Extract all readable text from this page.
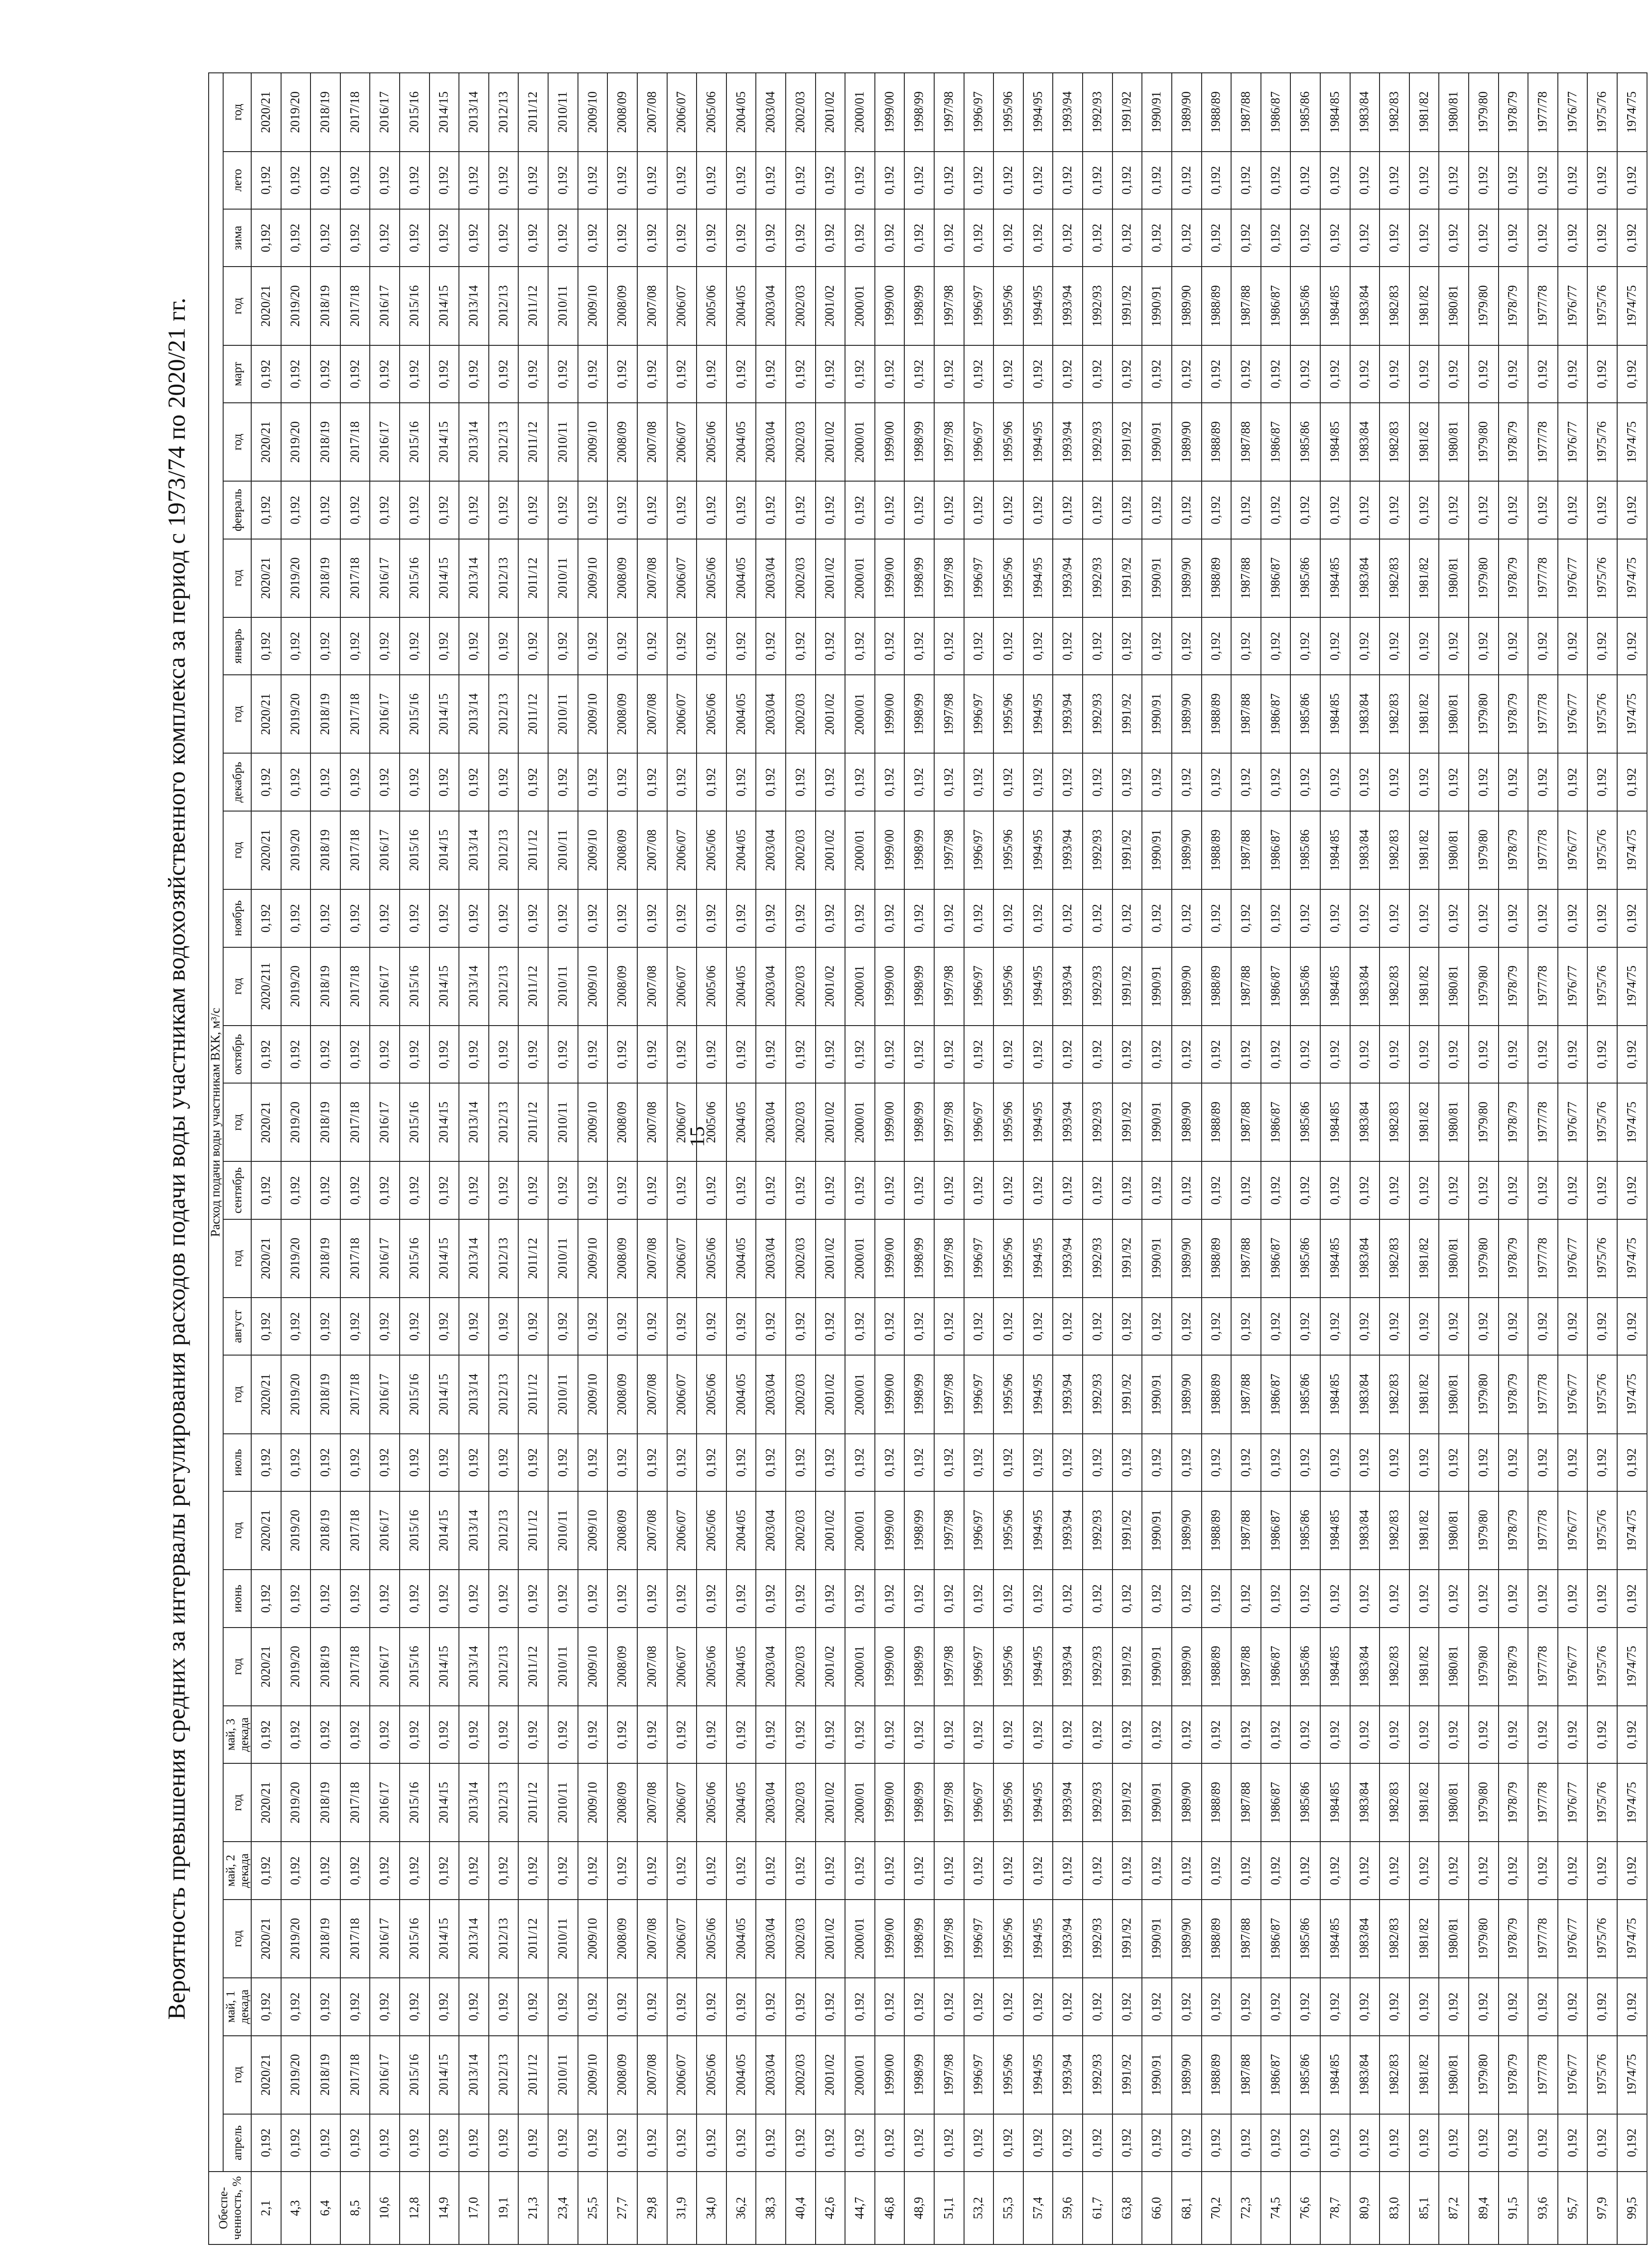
15
Вероятность превышения средних за интервалы регулирования расходов подачи воды участникам водохозяйственного комплекса за период с 1973/74 по 2020/21 гг.
Обеспе-ченность, %	Расход подачи воды участникам ВХК, м³/с																														
	апрель	год	май, 1 декада	год	май, 2 декада	год	май, 3 декада	год	июнь	год	июль	год	август	год	сентябрь	год	октябрь	год	ноябрь	год	декабрь	год	январь	год	февраль	год	март	год	зима	лето	год
2,1	0,192	2020/21	0,192	2020/21	0,192	2020/21	0,192	2020/21	0,192	2020/21	0,192	2020/21	0,192	2020/21	0,192	2020/21	0,192	2020/211	0,192	2020/21	0,192	2020/21	0,192	2020/21	0,192	2020/21	0,192	2020/21	0,192	0,192	2020/21
4,3	0,192	2019/20	0,192	2019/20	0,192	2019/20	0,192	2019/20	0,192	2019/20	0,192	2019/20	0,192	2019/20	0,192	2019/20	0,192	2019/20	0,192	2019/20	0,192	2019/20	0,192	2019/20	0,192	2019/20	0,192	2019/20	0,192	0,192	2019/20
6,4	0,192	2018/19	0,192	2018/19	0,192	2018/19	0,192	2018/19	0,192	2018/19	0,192	2018/19	0,192	2018/19	0,192	2018/19	0,192	2018/19	0,192	2018/19	0,192	2018/19	0,192	2018/19	0,192	2018/19	0,192	2018/19	0,192	0,192	2018/19
8,5	0,192	2017/18	0,192	2017/18	0,192	2017/18	0,192	2017/18	0,192	2017/18	0,192	2017/18	0,192	2017/18	0,192	2017/18	0,192	2017/18	0,192	2017/18	0,192	2017/18	0,192	2017/18	0,192	2017/18	0,192	2017/18	0,192	0,192	2017/18
10,6	0,192	2016/17	0,192	2016/17	0,192	2016/17	0,192	2016/17	0,192	2016/17	0,192	2016/17	0,192	2016/17	0,192	2016/17	0,192	2016/17	0,192	2016/17	0,192	2016/17	0,192	2016/17	0,192	2016/17	0,192	2016/17	0,192	0,192	2016/17
12,8	0,192	2015/16	0,192	2015/16	0,192	2015/16	0,192	2015/16	0,192	2015/16	0,192	2015/16	0,192	2015/16	0,192	2015/16	0,192	2015/16	0,192	2015/16	0,192	2015/16	0,192	2015/16	0,192	2015/16	0,192	2015/16	0,192	0,192	2015/16
14,9	0,192	2014/15	0,192	2014/15	0,192	2014/15	0,192	2014/15	0,192	2014/15	0,192	2014/15	0,192	2014/15	0,192	2014/15	0,192	2014/15	0,192	2014/15	0,192	2014/15	0,192	2014/15	0,192	2014/15	0,192	2014/15	0,192	0,192	2014/15
17,0	0,192	2013/14	0,192	2013/14	0,192	2013/14	0,192	2013/14	0,192	2013/14	0,192	2013/14	0,192	2013/14	0,192	2013/14	0,192	2013/14	0,192	2013/14	0,192	2013/14	0,192	2013/14	0,192	2013/14	0,192	2013/14	0,192	0,192	2013/14
19,1	0,192	2012/13	0,192	2012/13	0,192	2012/13	0,192	2012/13	0,192	2012/13	0,192	2012/13	0,192	2012/13	0,192	2012/13	0,192	2012/13	0,192	2012/13	0,192	2012/13	0,192	2012/13	0,192	2012/13	0,192	2012/13	0,192	0,192	2012/13
21,3	0,192	2011/12	0,192	2011/12	0,192	2011/12	0,192	2011/12	0,192	2011/12	0,192	2011/12	0,192	2011/12	0,192	2011/12	0,192	2011/12	0,192	2011/12	0,192	2011/12	0,192	2011/12	0,192	2011/12	0,192	2011/12	0,192	0,192	2011/12
23,4	0,192	2010/11	0,192	2010/11	0,192	2010/11	0,192	2010/11	0,192	2010/11	0,192	2010/11	0,192	2010/11	0,192	2010/11	0,192	2010/11	0,192	2010/11	0,192	2010/11	0,192	2010/11	0,192	2010/11	0,192	2010/11	0,192	0,192	2010/11
25,5	0,192	2009/10	0,192	2009/10	0,192	2009/10	0,192	2009/10	0,192	2009/10	0,192	2009/10	0,192	2009/10	0,192	2009/10	0,192	2009/10	0,192	2009/10	0,192	2009/10	0,192	2009/10	0,192	2009/10	0,192	2009/10	0,192	0,192	2009/10
27,7	0,192	2008/09	0,192	2008/09	0,192	2008/09	0,192	2008/09	0,192	2008/09	0,192	2008/09	0,192	2008/09	0,192	2008/09	0,192	2008/09	0,192	2008/09	0,192	2008/09	0,192	2008/09	0,192	2008/09	0,192	2008/09	0,192	0,192	2008/09
29,8	0,192	2007/08	0,192	2007/08	0,192	2007/08	0,192	2007/08	0,192	2007/08	0,192	2007/08	0,192	2007/08	0,192	2007/08	0,192	2007/08	0,192	2007/08	0,192	2007/08	0,192	2007/08	0,192	2007/08	0,192	2007/08	0,192	0,192	2007/08
31,9	0,192	2006/07	0,192	2006/07	0,192	2006/07	0,192	2006/07	0,192	2006/07	0,192	2006/07	0,192	2006/07	0,192	2006/07	0,192	2006/07	0,192	2006/07	0,192	2006/07	0,192	2006/07	0,192	2006/07	0,192	2006/07	0,192	0,192	2006/07
34,0	0,192	2005/06	0,192	2005/06	0,192	2005/06	0,192	2005/06	0,192	2005/06	0,192	2005/06	0,192	2005/06	0,192	2005/06	0,192	2005/06	0,192	2005/06	0,192	2005/06	0,192	2005/06	0,192	2005/06	0,192	2005/06	0,192	0,192	2005/06
36,2	0,192	2004/05	0,192	2004/05	0,192	2004/05	0,192	2004/05	0,192	2004/05	0,192	2004/05	0,192	2004/05	0,192	2004/05	0,192	2004/05	0,192	2004/05	0,192	2004/05	0,192	2004/05	0,192	2004/05	0,192	2004/05	0,192	0,192	2004/05
38,3	0,192	2003/04	0,192	2003/04	0,192	2003/04	0,192	2003/04	0,192	2003/04	0,192	2003/04	0,192	2003/04	0,192	2003/04	0,192	2003/04	0,192	2003/04	0,192	2003/04	0,192	2003/04	0,192	2003/04	0,192	2003/04	0,192	0,192	2003/04
40,4	0,192	2002/03	0,192	2002/03	0,192	2002/03	0,192	2002/03	0,192	2002/03	0,192	2002/03	0,192	2002/03	0,192	2002/03	0,192	2002/03	0,192	2002/03	0,192	2002/03	0,192	2002/03	0,192	2002/03	0,192	2002/03	0,192	0,192	2002/03
42,6	0,192	2001/02	0,192	2001/02	0,192	2001/02	0,192	2001/02	0,192	2001/02	0,192	2001/02	0,192	2001/02	0,192	2001/02	0,192	2001/02	0,192	2001/02	0,192	2001/02	0,192	2001/02	0,192	2001/02	0,192	2001/02	0,192	0,192	2001/02
44,7	0,192	2000/01	0,192	2000/01	0,192	2000/01	0,192	2000/01	0,192	2000/01	0,192	2000/01	0,192	2000/01	0,192	2000/01	0,192	2000/01	0,192	2000/01	0,192	2000/01	0,192	2000/01	0,192	2000/01	0,192	2000/01	0,192	0,192	2000/01
46,8	0,192	1999/00	0,192	1999/00	0,192	1999/00	0,192	1999/00	0,192	1999/00	0,192	1999/00	0,192	1999/00	0,192	1999/00	0,192	1999/00	0,192	1999/00	0,192	1999/00	0,192	1999/00	0,192	1999/00	0,192	1999/00	0,192	0,192	1999/00
48,9	0,192	1998/99	0,192	1998/99	0,192	1998/99	0,192	1998/99	0,192	1998/99	0,192	1998/99	0,192	1998/99	0,192	1998/99	0,192	1998/99	0,192	1998/99	0,192	1998/99	0,192	1998/99	0,192	1998/99	0,192	1998/99	0,192	0,192	1998/99
51,1	0,192	1997/98	0,192	1997/98	0,192	1997/98	0,192	1997/98	0,192	1997/98	0,192	1997/98	0,192	1997/98	0,192	1997/98	0,192	1997/98	0,192	1997/98	0,192	1997/98	0,192	1997/98	0,192	1997/98	0,192	1997/98	0,192	0,192	1997/98
53,2	0,192	1996/97	0,192	1996/97	0,192	1996/97	0,192	1996/97	0,192	1996/97	0,192	1996/97	0,192	1996/97	0,192	1996/97	0,192	1996/97	0,192	1996/97	0,192	1996/97	0,192	1996/97	0,192	1996/97	0,192	1996/97	0,192	0,192	1996/97
55,3	0,192	1995/96	0,192	1995/96	0,192	1995/96	0,192	1995/96	0,192	1995/96	0,192	1995/96	0,192	1995/96	0,192	1995/96	0,192	1995/96	0,192	1995/96	0,192	1995/96	0,192	1995/96	0,192	1995/96	0,192	1995/96	0,192	0,192	1995/96
57,4	0,192	1994/95	0,192	1994/95	0,192	1994/95	0,192	1994/95	0,192	1994/95	0,192	1994/95	0,192	1994/95	0,192	1994/95	0,192	1994/95	0,192	1994/95	0,192	1994/95	0,192	1994/95	0,192	1994/95	0,192	1994/95	0,192	0,192	1994/95
59,6	0,192	1993/94	0,192	1993/94	0,192	1993/94	0,192	1993/94	0,192	1993/94	0,192	1993/94	0,192	1993/94	0,192	1993/94	0,192	1993/94	0,192	1993/94	0,192	1993/94	0,192	1993/94	0,192	1993/94	0,192	1993/94	0,192	0,192	1993/94
61,7	0,192	1992/93	0,192	1992/93	0,192	1992/93	0,192	1992/93	0,192	1992/93	0,192	1992/93	0,192	1992/93	0,192	1992/93	0,192	1992/93	0,192	1992/93	0,192	1992/93	0,192	1992/93	0,192	1992/93	0,192	1992/93	0,192	0,192	1992/93
63,8	0,192	1991/92	0,192	1991/92	0,192	1991/92	0,192	1991/92	0,192	1991/92	0,192	1991/92	0,192	1991/92	0,192	1991/92	0,192	1991/92	0,192	1991/92	0,192	1991/92	0,192	1991/92	0,192	1991/92	0,192	1991/92	0,192	0,192	1991/92
66,0	0,192	1990/91	0,192	1990/91	0,192	1990/91	0,192	1990/91	0,192	1990/91	0,192	1990/91	0,192	1990/91	0,192	1990/91	0,192	1990/91	0,192	1990/91	0,192	1990/91	0,192	1990/91	0,192	1990/91	0,192	1990/91	0,192	0,192	1990/91
68,1	0,192	1989/90	0,192	1989/90	0,192	1989/90	0,192	1989/90	0,192	1989/90	0,192	1989/90	0,192	1989/90	0,192	1989/90	0,192	1989/90	0,192	1989/90	0,192	1989/90	0,192	1989/90	0,192	1989/90	0,192	1989/90	0,192	0,192	1989/90
70,2	0,192	1988/89	0,192	1988/89	0,192	1988/89	0,192	1988/89	0,192	1988/89	0,192	1988/89	0,192	1988/89	0,192	1988/89	0,192	1988/89	0,192	1988/89	0,192	1988/89	0,192	1988/89	0,192	1988/89	0,192	1988/89	0,192	0,192	1988/89
72,3	0,192	1987/88	0,192	1987/88	0,192	1987/88	0,192	1987/88	0,192	1987/88	0,192	1987/88	0,192	1987/88	0,192	1987/88	0,192	1987/88	0,192	1987/88	0,192	1987/88	0,192	1987/88	0,192	1987/88	0,192	1987/88	0,192	0,192	1987/88
74,5	0,192	1986/87	0,192	1986/87	0,192	1986/87	0,192	1986/87	0,192	1986/87	0,192	1986/87	0,192	1986/87	0,192	1986/87	0,192	1986/87	0,192	1986/87	0,192	1986/87	0,192	1986/87	0,192	1986/87	0,192	1986/87	0,192	0,192	1986/87
76,6	0,192	1985/86	0,192	1985/86	0,192	1985/86	0,192	1985/86	0,192	1985/86	0,192	1985/86	0,192	1985/86	0,192	1985/86	0,192	1985/86	0,192	1985/86	0,192	1985/86	0,192	1985/86	0,192	1985/86	0,192	1985/86	0,192	0,192	1985/86
78,7	0,192	1984/85	0,192	1984/85	0,192	1984/85	0,192	1984/85	0,192	1984/85	0,192	1984/85	0,192	1984/85	0,192	1984/85	0,192	1984/85	0,192	1984/85	0,192	1984/85	0,192	1984/85	0,192	1984/85	0,192	1984/85	0,192	0,192	1984/85
80,9	0,192	1983/84	0,192	1983/84	0,192	1983/84	0,192	1983/84	0,192	1983/84	0,192	1983/84	0,192	1983/84	0,192	1983/84	0,192	1983/84	0,192	1983/84	0,192	1983/84	0,192	1983/84	0,192	1983/84	0,192	1983/84	0,192	0,192	1983/84
83,0	0,192	1982/83	0,192	1982/83	0,192	1982/83	0,192	1982/83	0,192	1982/83	0,192	1982/83	0,192	1982/83	0,192	1982/83	0,192	1982/83	0,192	1982/83	0,192	1982/83	0,192	1982/83	0,192	1982/83	0,192	1982/83	0,192	0,192	1982/83
85,1	0,192	1981/82	0,192	1981/82	0,192	1981/82	0,192	1981/82	0,192	1981/82	0,192	1981/82	0,192	1981/82	0,192	1981/82	0,192	1981/82	0,192	1981/82	0,192	1981/82	0,192	1981/82	0,192	1981/82	0,192	1981/82	0,192	0,192	1981/82
87,2	0,192	1980/81	0,192	1980/81	0,192	1980/81	0,192	1980/81	0,192	1980/81	0,192	1980/81	0,192	1980/81	0,192	1980/81	0,192	1980/81	0,192	1980/81	0,192	1980/81	0,192	1980/81	0,192	1980/81	0,192	1980/81	0,192	0,192	1980/81
89,4	0,192	1979/80	0,192	1979/80	0,192	1979/80	0,192	1979/80	0,192	1979/80	0,192	1979/80	0,192	1979/80	0,192	1979/80	0,192	1979/80	0,192	1979/80	0,192	1979/80	0,192	1979/80	0,192	1979/80	0,192	1979/80	0,192	0,192	1979/80
91,5	0,192	1978/79	0,192	1978/79	0,192	1978/79	0,192	1978/79	0,192	1978/79	0,192	1978/79	0,192	1978/79	0,192	1978/79	0,192	1978/79	0,192	1978/79	0,192	1978/79	0,192	1978/79	0,192	1978/79	0,192	1978/79	0,192	0,192	1978/79
93,6	0,192	1977/78	0,192	1977/78	0,192	1977/78	0,192	1977/78	0,192	1977/78	0,192	1977/78	0,192	1977/78	0,192	1977/78	0,192	1977/78	0,192	1977/78	0,192	1977/78	0,192	1977/78	0,192	1977/78	0,192	1977/78	0,192	0,192	1977/78
95,7	0,192	1976/77	0,192	1976/77	0,192	1976/77	0,192	1976/77	0,192	1976/77	0,192	1976/77	0,192	1976/77	0,192	1976/77	0,192	1976/77	0,192	1976/77	0,192	1976/77	0,192	1976/77	0,192	1976/77	0,192	1976/77	0,192	0,192	1976/77
97,9	0,192	1975/76	0,192	1975/76	0,192	1975/76	0,192	1975/76	0,192	1975/76	0,192	1975/76	0,192	1975/76	0,192	1975/76	0,192	1975/76	0,192	1975/76	0,192	1975/76	0,192	1975/76	0,192	1975/76	0,192	1975/76	0,192	0,192	1975/76
99,5	0,192	1974/75	0,192	1974/75	0,192	1974/75	0,192	1974/75	0,192	1974/75	0,192	1974/75	0,192	1974/75	0,192	1974/75	0,192	1974/75	0,192	1974/75	0,192	1974/75	0,192	1974/75	0,192	1974/75	0,192	1974/75	0,192	0,192	1974/75
